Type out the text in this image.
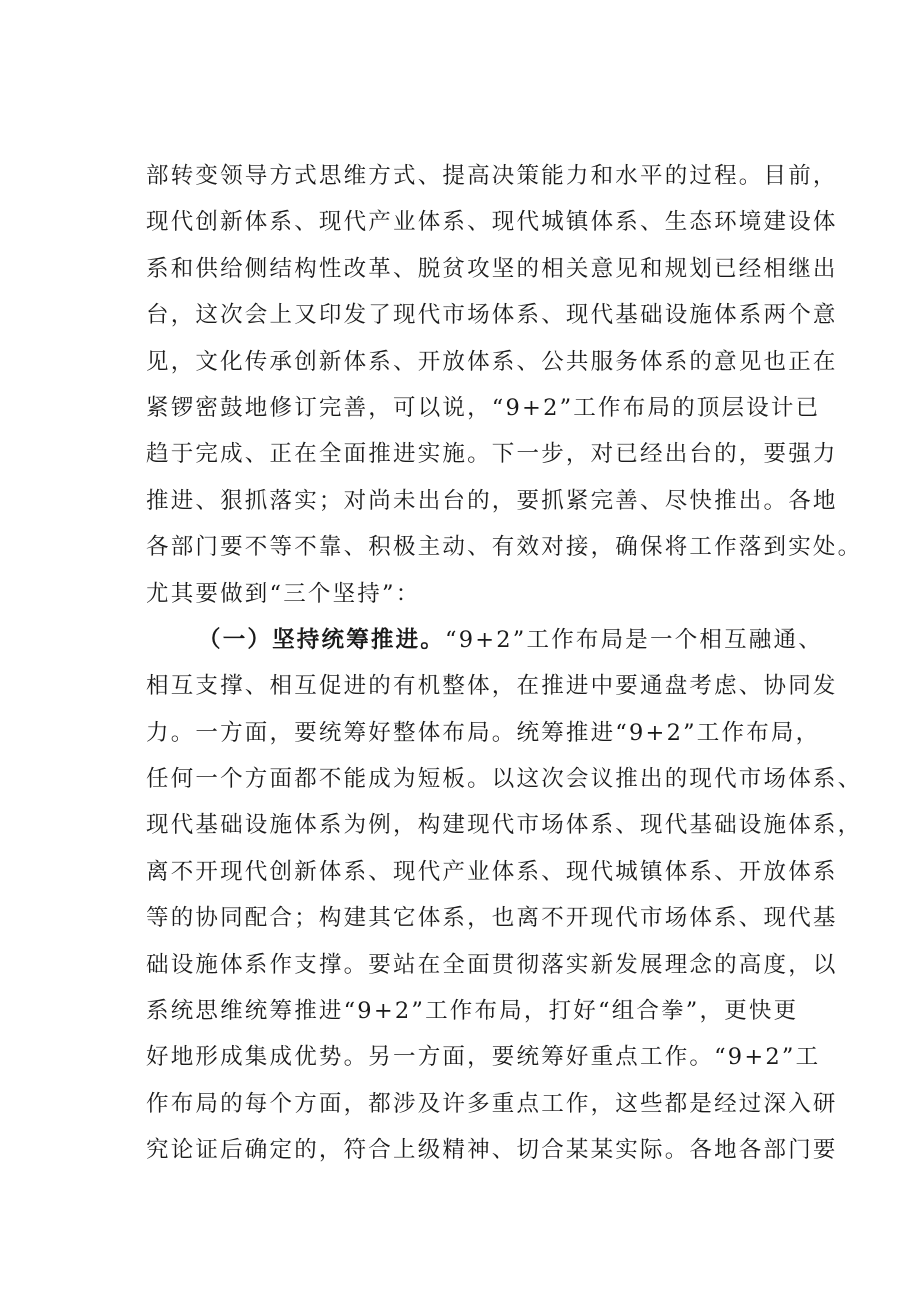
部转变领导方式思维方式、提高决策能力和水平的过程。目前，
现代创新体系、现代产业体系、现代城镇体系、生态环境建设体
系和供给侧结构性改革、脱贫攻坚的相关意见和规划已经相继出
台，这次会上又印发了现代市场体系、现代基础设施体系两个意
见，文化传承创新体系、开放体系、公共服务体系的意见也正在
紧锣密鼓地修订完善，可以说，“9+2”工作布局的顶层设计已
趋于完成、正在全面推进实施。下一步，对已经出台的，要强力
推进、狠抓落实；对尚未出台的，要抓紧完善、尽快推出。各地
各部门要不等不靠、积极主动、有效对接，确保将工作落到实处。
尤其要做到“三个坚持”：
（一）坚持统筹推进。“9+2”工作布局是一个相互融通、
相互支撑、相互促进的有机整体，在推进中要通盘考虑、协同发
力。一方面，要统筹好整体布局。统筹推进“9+2”工作布局，
任何一个方面都不能成为短板。以这次会议推出的现代市场体系、
现代基础设施体系为例，构建现代市场体系、现代基础设施体系，
离不开现代创新体系、现代产业体系、现代城镇体系、开放体系
等的协同配合；构建其它体系，也离不开现代市场体系、现代基
础设施体系作支撑。要站在全面贯彻落实新发展理念的高度，以
系统思维统筹推进“9+2”工作布局，打好“组合拳”，更快更
好地形成集成优势。另一方面，要统筹好重点工作。“9+2”工
作布局的每个方面，都涉及许多重点工作，这些都是经过深入研
究论证后确定的，符合上级精神、切合某某实际。各地各部门要
